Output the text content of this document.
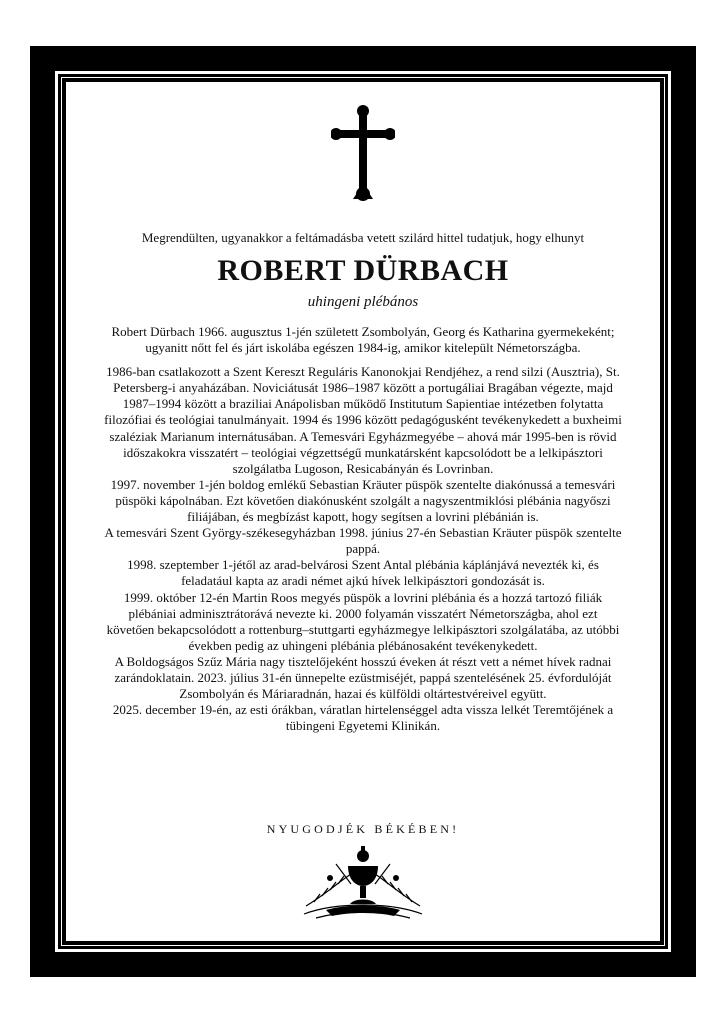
Megrendülten, ugyanakkor a feltámadásba vetett szilárd hittel tudatjuk, hogy elhunyt
ROBERT DÜRBACH
uhingeni plébános

Robert Dürbach 1966. augusztus 1-jén született Zsombolyán, Georg és Katharina gyermekeként; ugyanitt nőtt fel és járt iskolába egészen 1984-ig, amikor kitelepült Németországba.

1986-ban csatlakozott a Szent Kereszt Reguláris Kanonokjai Rendjéhez, a rend silzi (Ausztria), St. Petersberg-i anyaházában. Noviciátusát 1986–1987 között a portugáliai Bragában végezte, majd 1987–1994 között a braziliai Anápolisban működő Institutum Sapientiae intézetben folytatta filozófiai és teológiai tanulmányait. 1994 és 1996 között pedagógusként tevékenykedett a buxheimi szaléziak Marianum internátusában. A Temesvári Egyházmegyébe – ahová már 1995-ben is rövid időszakokra visszatért – teológiai végzettségű munkatársként kapcsolódott be a lelkipásztori szolgálatba Lugoson, Resicabányán és Lovrinban.

1997. november 1-jén boldog emlékű Sebastian Kräuter püspök szentelte diakónussá a temesvári püspöki kápolnában. Ezt követően diakónusként szolgált a nagyszentmiklósi plébánia nagyőszi filiájában, és megbízást kapott, hogy segítsen a lovrini plébánián is.

A temesvári Szent György-székesegyházban 1998. június 27-én Sebastian Kräuter püspök szentelte pappá.

1998. szeptember 1-jétől az arad-belvárosi Szent Antal plébánia káplánjává nevezték ki, és feladatául kapta az aradi német ajkú hívek lelkipásztori gondozását is.

1999. október 12-én Martin Roos megyés püspök a lovrini plébánia és a hozzá tartozó filiák plébániai adminisztrátorává nevezte ki. 2000 folyamán visszatért Németországba, ahol ezt követően bekapcsolódott a rottenburg–stuttgarti egyházmegye lelkipásztori szolgálatába, az utóbbi években pedig az uhingeni plébánia plébánosaként tevékenykedett.

A Boldogságos Szűz Mária nagy tisztelőjeként hosszú éveken át részt vett a német hívek radnai zarándoklatain. 2023. július 31-én ünnepelte ezüstmiséjét, pappá szentelésének 25. évfordulóját Zsombolyán és Máriaradnán, hazai és külföldi oltártestvéreivel együtt.

2025. december 19-én, az esti órákban, váratlan hirtelenséggel adta vissza lelkét Teremtőjének a tübingeni Egyetemi Klinikán.

NYUGODJÉK BÉKÉBEN!
